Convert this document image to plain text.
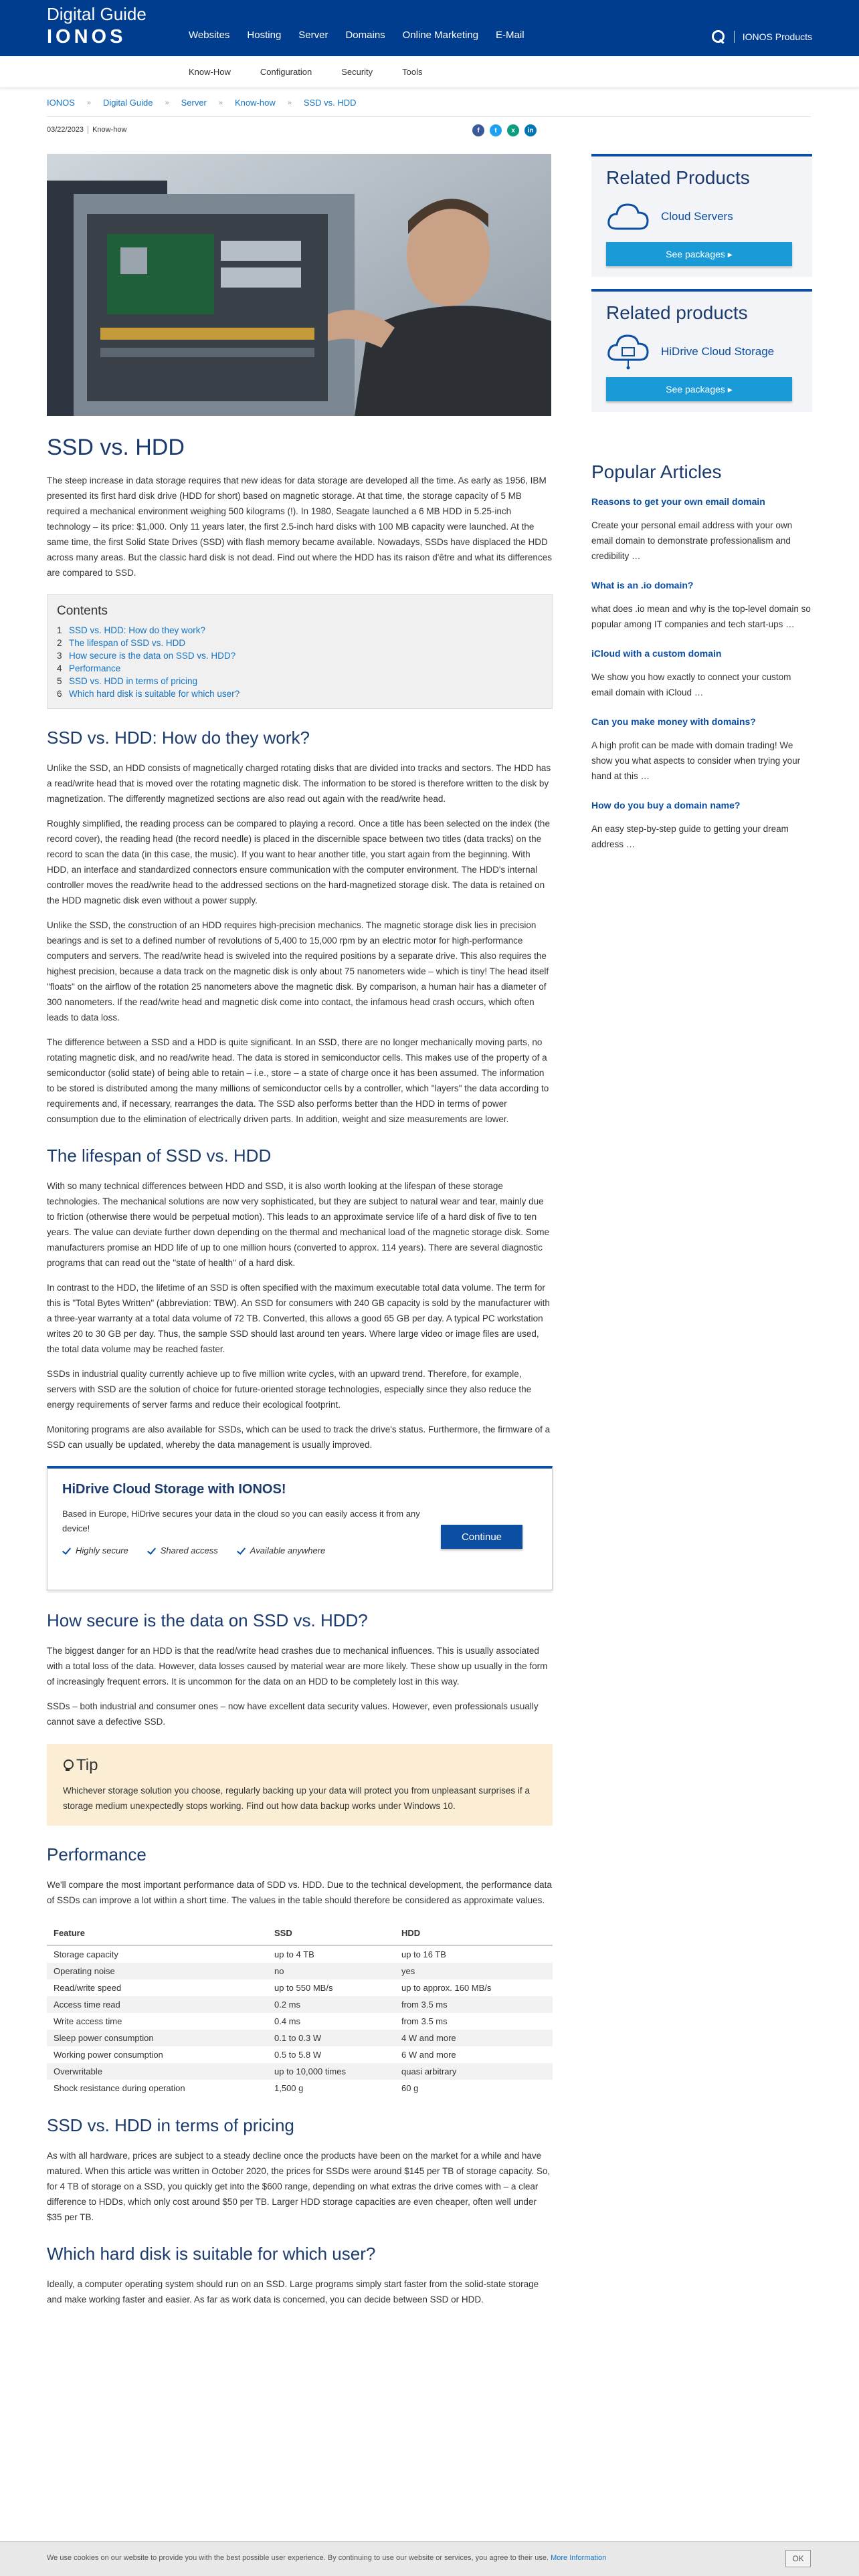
Digital Guide
IONOS	Websites Hosting Server Domains Online Marketing E-Mail	IONOS Products
Know-How	Configuration	Security	Tools
IONOS » Digital Guide » Server » Know-how » SSD vs. HDD
03/22/2023 Know-how	f	t	x	in
SSD vs. HDD

The steep increase in data storage requires that new ideas for data storage are developed all the time. As early as 1956, IBM presented its first hard disk drive (HDD for short) based on magnetic storage. At that time, the storage capacity of 5 MB required a mechanical environment weighing 500 kilograms (!). In 1980, Seagate launched a 6 MB HDD in 5.25-inch technology – its price: $1,000. Only 11 years later, the first 2.5-inch hard disks with 100 MB capacity were launched. At the same time, the first Solid State Drives (SSD) with flash memory became available. Nowadays, SSDs have displaced the HDD across many areas. But the classic hard disk is not dead. Find out where the HDD has its raison d'être and what its differences are compared to SSD.

Contents
1 SSD vs. HDD: How do they work?
2 The lifespan of SSD vs. HDD
3 How secure is the data on SSD vs. HDD?
4 Performance
5 SSD vs. HDD in terms of pricing
6 Which hard disk is suitable for which user?
SSD vs. HDD: How do they work?

Unlike the SSD, an HDD consists of magnetically charged rotating disks that are divided into tracks and sectors. The HDD has a read/write head that is moved over the rotating magnetic disk. The information to be stored is therefore written to the disk by magnetization. The differently magnetized sections are also read out again with the read/write head.

Roughly simplified, the reading process can be compared to playing a record. Once a title has been selected on the index (the record cover), the reading head (the record needle) is placed in the discernible space between two titles (data tracks) on the record to scan the data (in this case, the music). If you want to hear another title, you start again from the beginning. With HDD, an interface and standardized connectors ensure communication with the computer environment. The HDD's internal controller moves the read/write head to the addressed sections on the hard-magnetized storage disk. The data is retained on the HDD magnetic disk even without a power supply.

Unlike the SSD, the construction of an HDD requires high-precision mechanics. The magnetic storage disk lies in precision bearings and is set to a defined number of revolutions of 5,400 to 15,000 rpm by an electric motor for high-performance computers and servers. The read/write head is swiveled into the required positions by a separate drive. This also requires the highest precision, because a data track on the magnetic disk is only about 75 nanometers wide – which is tiny! The head itself "floats" on the airflow of the rotation 25 nanometers above the magnetic disk. By comparison, a human hair has a diameter of 300 nanometers. If the read/write head and magnetic disk come into contact, the infamous head crash occurs, which often leads to data loss.

The difference between a SSD and a HDD is quite significant. In an SSD, there are no longer mechanically moving parts, no rotating magnetic disk, and no read/write head. The data is stored in semiconductor cells. This makes use of the property of a semiconductor (solid state) of being able to retain – i.e., store – a state of charge once it has been assumed. The information to be stored is distributed among the many millions of semiconductor cells by a controller, which "layers" the data according to requirements and, if necessary, rearranges the data. The SSD also performs better than the HDD in terms of power consumption due to the elimination of electrically driven parts. In addition, weight and size measurements are lower.

The lifespan of SSD vs. HDD

With so many technical differences between HDD and SSD, it is also worth looking at the lifespan of these storage technologies. The mechanical solutions are now very sophisticated, but they are subject to natural wear and tear, mainly due to friction (otherwise there would be perpetual motion). This leads to an approximate service life of a hard disk of five to ten years. The value can deviate further down depending on the thermal and mechanical load of the magnetic storage disk. Some manufacturers promise an HDD life of up to one million hours (converted to approx. 114 years). There are several diagnostic programs that can read out the "state of health" of a hard disk.

In contrast to the HDD, the lifetime of an SSD is often specified with the maximum executable total data volume. The term for this is "Total Bytes Written" (abbreviation: TBW). An SSD for consumers with 240 GB capacity is sold by the manufacturer with a three-year warranty at a total data volume of 72 TB. Converted, this allows a good 65 GB per day. A typical PC workstation writes 20 to 30 GB per day. Thus, the sample SSD should last around ten years. Where large video or image files are used, the total data volume may be reached faster.

SSDs in industrial quality currently achieve up to five million write cycles, with an upward trend. Therefore, for example, servers with SSD are the solution of choice for future-oriented storage technologies, especially since they also reduce the energy requirements of server farms and reduce their ecological footprint.

Monitoring programs are also available for SSDs, which can be used to track the drive's status. Furthermore, the firmware of a SSD can usually be updated, whereby the data management is usually improved.

HiDrive Cloud Storage with IONOS!
Based in Europe, HiDrive secures your data in the cloud so you can easily access it from any device!
Continue
Highly secure	Shared access	Available anywhere
How secure is the data on SSD vs. HDD?

The biggest danger for an HDD is that the read/write head crashes due to mechanical influences. This is usually associated with a total loss of the data. However, data losses caused by material wear are more likely. These show up usually in the form of increasingly frequent errors. It is uncommon for the data on an HDD to be completely lost in this way.

SSDs – both industrial and consumer ones – now have excellent data security values. However, even professionals usually cannot save a defective SSD.

Tip

Whichever storage solution you choose, regularly backing up your data will protect you from unpleasant surprises if a storage medium unexpectedly stops working. Find out how data backup works under Windows 10.

Performance

We'll compare the most important performance data of SDD vs. HDD. Due to the technical development, the performance data of SSDs can improve a lot within a short time. The values in the table should therefore be considered as approximate values.

Feature	SSD	HDD
Storage capacity	up to 4 TB	up to 16 TB
Operating noise	no	yes
Read/write speed	up to 550 MB/s	up to approx. 160 MB/s
Access time read	0.2 ms	from 3.5 ms
Write access time	0.4 ms	from 3.5 ms
Sleep power consumption	0.1 to 0.3 W	4 W and more
Working power consumption	0.5 to 5.8 W	6 W and more
Overwritable	up to 10,000 times	quasi arbitrary
Shock resistance during operation	1,500 g	60 g
SSD vs. HDD in terms of pricing

As with all hardware, prices are subject to a steady decline once the products have been on the market for a while and have matured. When this article was written in October 2020, the prices for SSDs were around $145 per TB of storage capacity. So, for 4 TB of storage on a SSD, you quickly get into the $600 range, depending on what extras the drive comes with – a clear difference to HDDs, which only cost around $50 per TB. Larger HDD storage capacities are even cheaper, often well under $35 per TB.

Which hard disk is suitable for which user?

Ideally, a computer operating system should run on an SSD. Large programs simply start faster from the solid-state storage and make working faster and easier. As far as work data is concerned, you can decide between SSD or HDD.

Related Products
Cloud Servers
See packages ▸
Related products
HiDrive Cloud Storage
See packages ▸
Popular Articles
Reasons to get your own email domain
Create your personal email address with your own email domain to demonstrate professionalism and credibility …
What is an .io domain?
what does .io mean and why is the top-level domain so popular among IT companies and tech start-ups …
iCloud with a custom domain
We show you how exactly to connect your custom email domain with iCloud …
Can you make money with domains?
A high profit can be made with domain trading! We show you what aspects to consider when trying your hand at this …
How do you buy a domain name?
An easy step-by-step guide to getting your dream address …
We use cookies on our website to provide you with the best possible user experience. By continuing to use our website or services, you agree to their use. More Information	OK
